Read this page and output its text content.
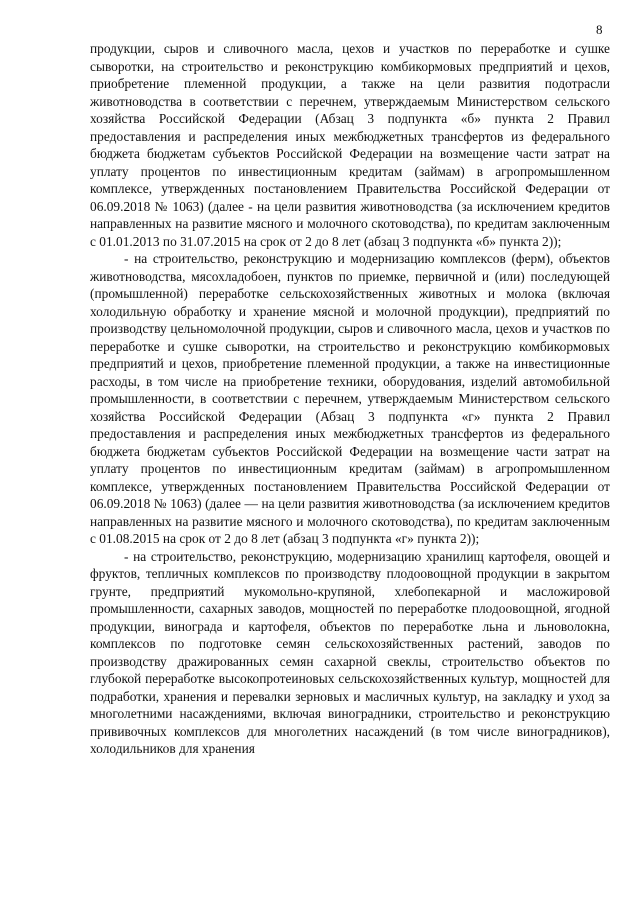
8

продукции, сыров и сливочного масла, цехов и участков по переработке и сушке сыворотки, на строительство и реконструкцию комбикормовых предприятий и цехов, приобретение племенной продукции, а также на цели развития подотрасли животноводства в соответствии с перечнем, утверждаемым Министерством сельского хозяйства Российской Федерации (Абзац 3 подпункта «б» пункта 2 Правил предоставления и распределения иных межбюджетных трансфертов из федерального бюджета бюджетам субъектов Российской Федерации на возмещение части затрат на уплату процентов по инвестиционным кредитам (займам) в агропромышленном комплексе, утвержденных постановлением Правительства Российской Федерации от 06.09.2018 № 1063) (далее - на цели развития животноводства (за исключением кредитов направленных на развитие мясного и молочного скотоводства), по кредитам заключенным с 01.01.2013 по 31.07.2015 на срок от 2 до 8 лет (абзац 3 подпункта «б» пункта 2));

- на строительство, реконструкцию и модернизацию комплексов (ферм), объектов животноводства, мясохладобоен, пунктов по приемке, первичной и (или) последующей (промышленной) переработке сельскохозяйственных животных и молока (включая холодильную обработку и хранение мясной и молочной продукции), предприятий по производству цельномолочной продукции, сыров и сливочного масла, цехов и участков по переработке и сушке сыворотки, на строительство и реконструкцию комбикормовых предприятий и цехов, приобретение племенной продукции, а также на инвестиционные расходы, в том числе на приобретение техники, оборудования, изделий автомобильной промышленности, в соответствии с перечнем, утверждаемым Министерством сельского хозяйства Российской Федерации (Абзац 3 подпункта «г» пункта 2 Правил предоставления и распределения иных межбюджетных трансфертов из федерального бюджета бюджетам субъектов Российской Федерации на возмещение части затрат на уплату процентов по инвестиционным кредитам (займам) в агропромышленном комплексе, утвержденных постановлением Правительства Российской Федерации от 06.09.2018 № 1063) (далее — на цели развития животноводства (за исключением кредитов направленных на развитие мясного и молочного скотоводства), по кредитам заключенным с 01.08.2015 на срок от 2 до 8 лет (абзац 3 подпункта «г» пункта 2));

- на строительство, реконструкцию, модернизацию хранилищ картофеля, овощей и фруктов, тепличных комплексов по производству плодоовощной продукции в закрытом грунте, предприятий мукомольно-крупяной, хлебопекарной и масложировой промышленности, сахарных заводов, мощностей по переработке плодоовощной, ягодной продукции, винограда и картофеля, объектов по переработке льна и льноволокна, комплексов по подготовке семян сельскохозяйственных растений, заводов по производству дражированных семян сахарной свеклы, строительство объектов по глубокой переработке высокопротеиновых сельскохозяйственных культур, мощностей для подработки, хранения и перевалки зерновых и масличных культур, на закладку и уход за многолетними насаждениями, включая виноградники, строительство и реконструкцию прививочных комплексов для многолетних насаждений (в том числе виноградников), холодильников для хранения
